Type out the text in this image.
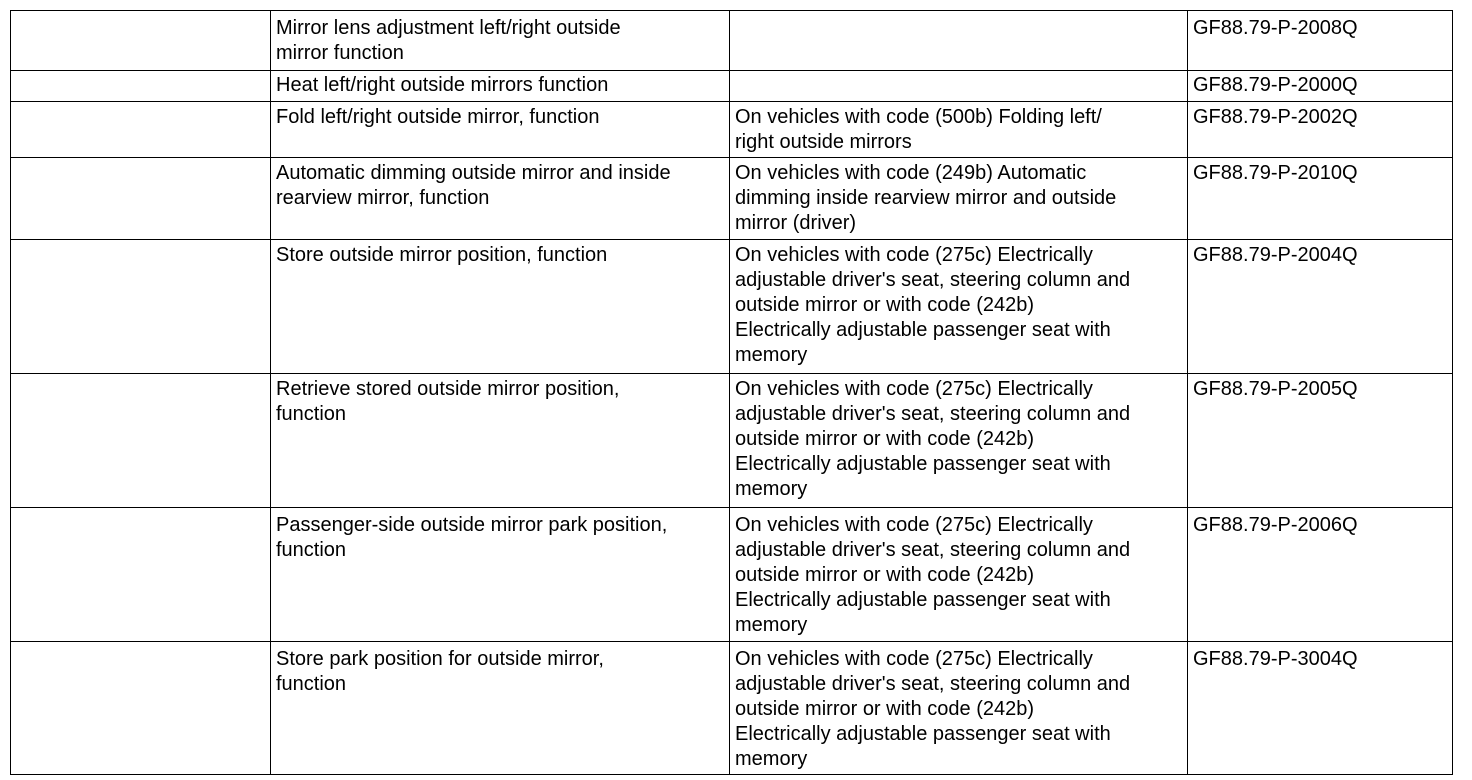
	Mirror lens adjustment left/right outside
mirror function		GF88.79-P-2008Q
	Heat left/right outside mirrors function		GF88.79-P-2000Q
	Fold left/right outside mirror, function	On vehicles with code (500b) Folding left/
right outside mirrors	GF88.79-P-2002Q
	Automatic dimming outside mirror and inside
rearview mirror, function	On vehicles with code (249b) Automatic
dimming inside rearview mirror and outside
mirror (driver)	GF88.79-P-2010Q
	Store outside mirror position, function	On vehicles with code (275c) Electrically
adjustable driver's seat, steering column and
outside mirror or with code (242b)
Electrically adjustable passenger seat with
memory	GF88.79-P-2004Q
	Retrieve stored outside mirror position,
function	On vehicles with code (275c) Electrically
adjustable driver's seat, steering column and
outside mirror or with code (242b)
Electrically adjustable passenger seat with
memory	GF88.79-P-2005Q
	Passenger-side outside mirror park position,
function	On vehicles with code (275c) Electrically
adjustable driver's seat, steering column and
outside mirror or with code (242b)
Electrically adjustable passenger seat with
memory	GF88.79-P-2006Q
	Store park position for outside mirror,
function	On vehicles with code (275c) Electrically
adjustable driver's seat, steering column and
outside mirror or with code (242b)
Electrically adjustable passenger seat with
memory	GF88.79-P-3004Q
